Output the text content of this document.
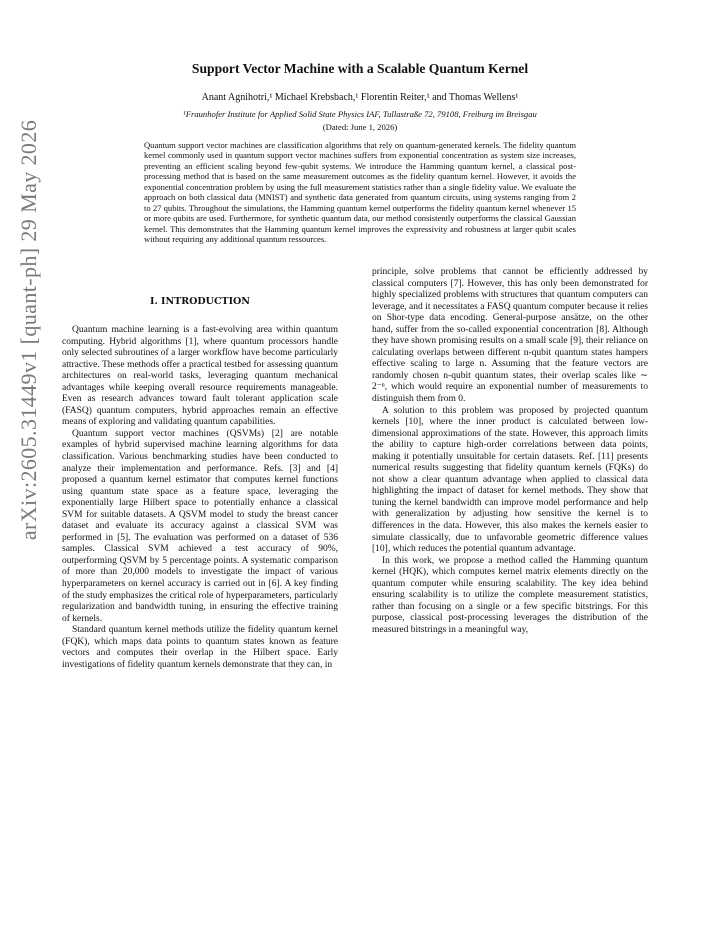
arXiv:2605.31449v1 [quant-ph] 29 May 2026
Support Vector Machine with a Scalable Quantum Kernel
Anant Agnihotri,¹ Michael Krebsbach,¹ Florentin Reiter,¹ and Thomas Wellens¹
¹Fraunhofer Institute for Applied Solid State Physics IAF, Tullastraße 72, 79108, Freiburg im Breisgau
(Dated: June 1, 2026)
Quantum support vector machines are classification algorithms that rely on quantum-generated kernels. The fidelity quantum kernel commonly used in quantum support vector machines suffers from exponential concentration as system size increases, preventing an efficient scaling beyond few-qubit systems. We introduce the Hamming quantum kernel, a classical post-processing method that is based on the same measurement outcomes as the fidelity quantum kernel. However, it avoids the exponential concentration problem by using the full measurement statistics rather than a single fidelity value. We evaluate the approach on both classical data (MNIST) and synthetic data generated from quantum circuits, using systems ranging from 2 to 27 qubits. Throughout the simulations, the Hamming quantum kernel outperforms the fidelity quantum kernel whenever 15 or more qubits are used. Furthermore, for synthetic quantum data, our method consistently outperforms the classical Gaussian kernel. This demonstrates that the Hamming quantum kernel improves the expressivity and robustness at larger qubit scales without requiring any additional quantum ressources.

Quantum machine learning is a fast-evolving area within quantum computing. Hybrid algorithms [1], where quantum processors handle only selected subroutines of a larger workflow have become particularly attractive. These methods offer a practical testbed for assessing quantum architectures on real-world tasks, leveraging quantum mechanical advantages while keeping overall resource requirements manageable. Even as research advances toward fault tolerant application scale (FASQ) quantum computers, hybrid approaches remain an effective means of exploring and validating quantum capabilities.

Quantum support vector machines (QSVMs) [2] are notable examples of hybrid supervised machine learning algorithms for data classification. Various benchmarking studies have been conducted to analyze their implementation and performance. Refs. [3] and [4] proposed a quantum kernel estimator that computes kernel functions using quantum state space as a feature space, leveraging the exponentially large Hilbert space to potentially enhance a classical SVM for suitable datasets. A QSVM model to study the breast cancer dataset and evaluate its accuracy against a classical SVM was performed in [5]. The evaluation was performed on a dataset of 536 samples. Classical SVM achieved a test accuracy of 90%, outperforming QSVM by 5 percentage points. A systematic comparison of more than 20,000 models to investigate the impact of various hyperparameters on kernel accuracy is carried out in [6]. A key finding of the study emphasizes the critical role of hyperparameters, particularly regularization and bandwidth tuning, in ensuring the effective training of kernels.

Standard quantum kernel methods utilize the fidelity quantum kernel (FQK), which maps data points to quantum states known as feature vectors and computes their overlap in the Hilbert space. Early investigations of fidelity quantum kernels demonstrate that they can, in

principle, solve problems that cannot be efficiently addressed by classical computers [7]. However, this has only been demonstrated for highly specialized problems with structures that quantum computers can leverage, and it necessitates a FASQ quantum computer because it relies on Shor-type data encoding. General-purpose ansätze, on the other hand, suffer from the so-called exponential concentration [8]. Although they have shown promising results on a small scale [9], their reliance on calculating overlaps between different n-qubit quantum states hampers effective scaling to large n. Assuming that the feature vectors are randomly chosen n-qubit quantum states, their overlap scales like ∼ 2⁻ⁿ, which would require an exponential number of measurements to distinguish them from 0.

A solution to this problem was proposed by projected quantum kernels [10], where the inner product is calculated between low-dimensional approximations of the state. However, this approach limits the ability to capture high-order correlations between data points, making it potentially unsuitable for certain datasets. Ref. [11] presents numerical results suggesting that fidelity quantum kernels (FQKs) do not show a clear quantum advantage when applied to classical data highlighting the impact of dataset for kernel methods. They show that tuning the kernel bandwidth can improve model performance and help with generalization by adjusting how sensitive the kernel is to differences in the data. However, this also makes the kernels easier to simulate classically, due to unfavorable geometric difference values [10], which reduces the potential quantum advantage.

In this work, we propose a method called the Hamming quantum kernel (HQK), which computes kernel matrix elements directly on the quantum computer while ensuring scalability. The key idea behind ensuring scalability is to utilize the complete measurement statistics, rather than focusing on a single or a few specific bitstrings. For this purpose, classical post-processing leverages the distribution of the measured bitstrings in a meaningful way,

I. INTRODUCTION
